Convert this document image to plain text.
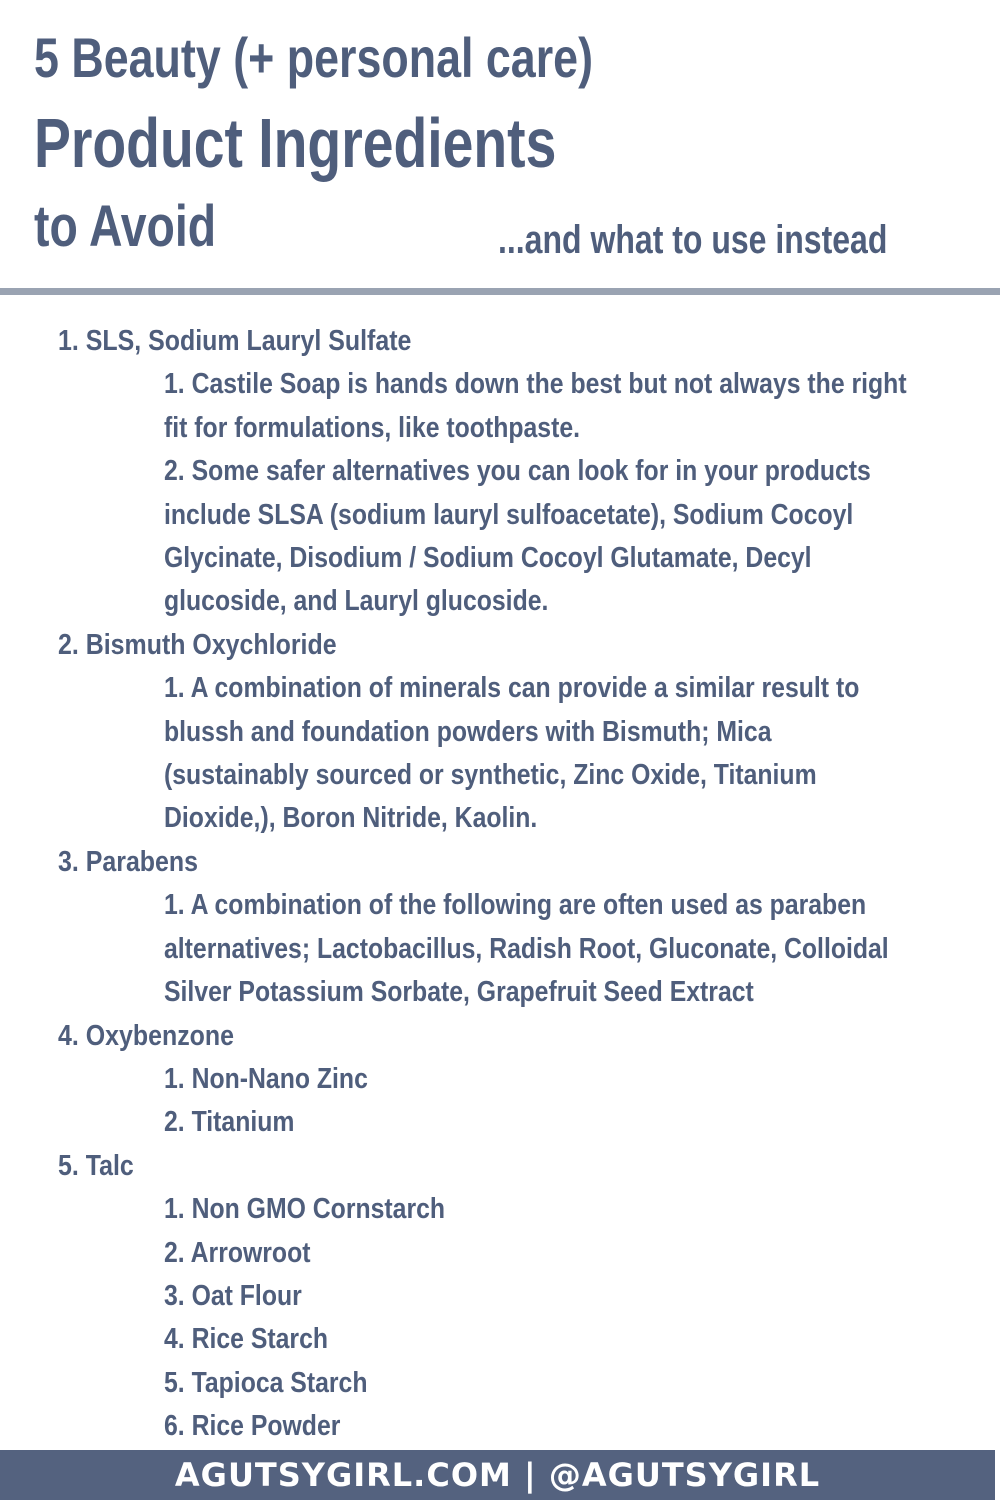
5 Beauty (+ personal care)
Product Ingredients
to Avoid	...and what to use instead
1. SLS, Sodium Lauryl Sulfate
1. Castile Soap is hands down the best but not always the right
fit for formulations, like toothpaste.
2. Some safer alternatives you can look for in your products
include SLSA (sodium lauryl sulfoacetate), Sodium Cocoyl
Glycinate, Disodium / Sodium Cocoyl Glutamate, Decyl
glucoside, and Lauryl glucoside.
2. Bismuth Oxychloride
1. A combination of minerals can provide a similar result to
blussh and foundation powders with Bismuth; Mica
(sustainably sourced or synthetic, Zinc Oxide, Titanium
Dioxide,), Boron Nitride, Kaolin.
3. Parabens
1. A combination of the following are often used as paraben
alternatives; Lactobacillus, Radish Root, Gluconate, Colloidal
Silver Potassium Sorbate, Grapefruit Seed Extract
4. Oxybenzone
1. Non-Nano Zinc
2. Titanium
5. Talc
1. Non GMO Cornstarch
2. Arrowroot
3. Oat Flour
4. Rice Starch
5. Tapioca Starch
6. Rice Powder
AGUTSYGIRL.COM | @AGUTSYGIRL
